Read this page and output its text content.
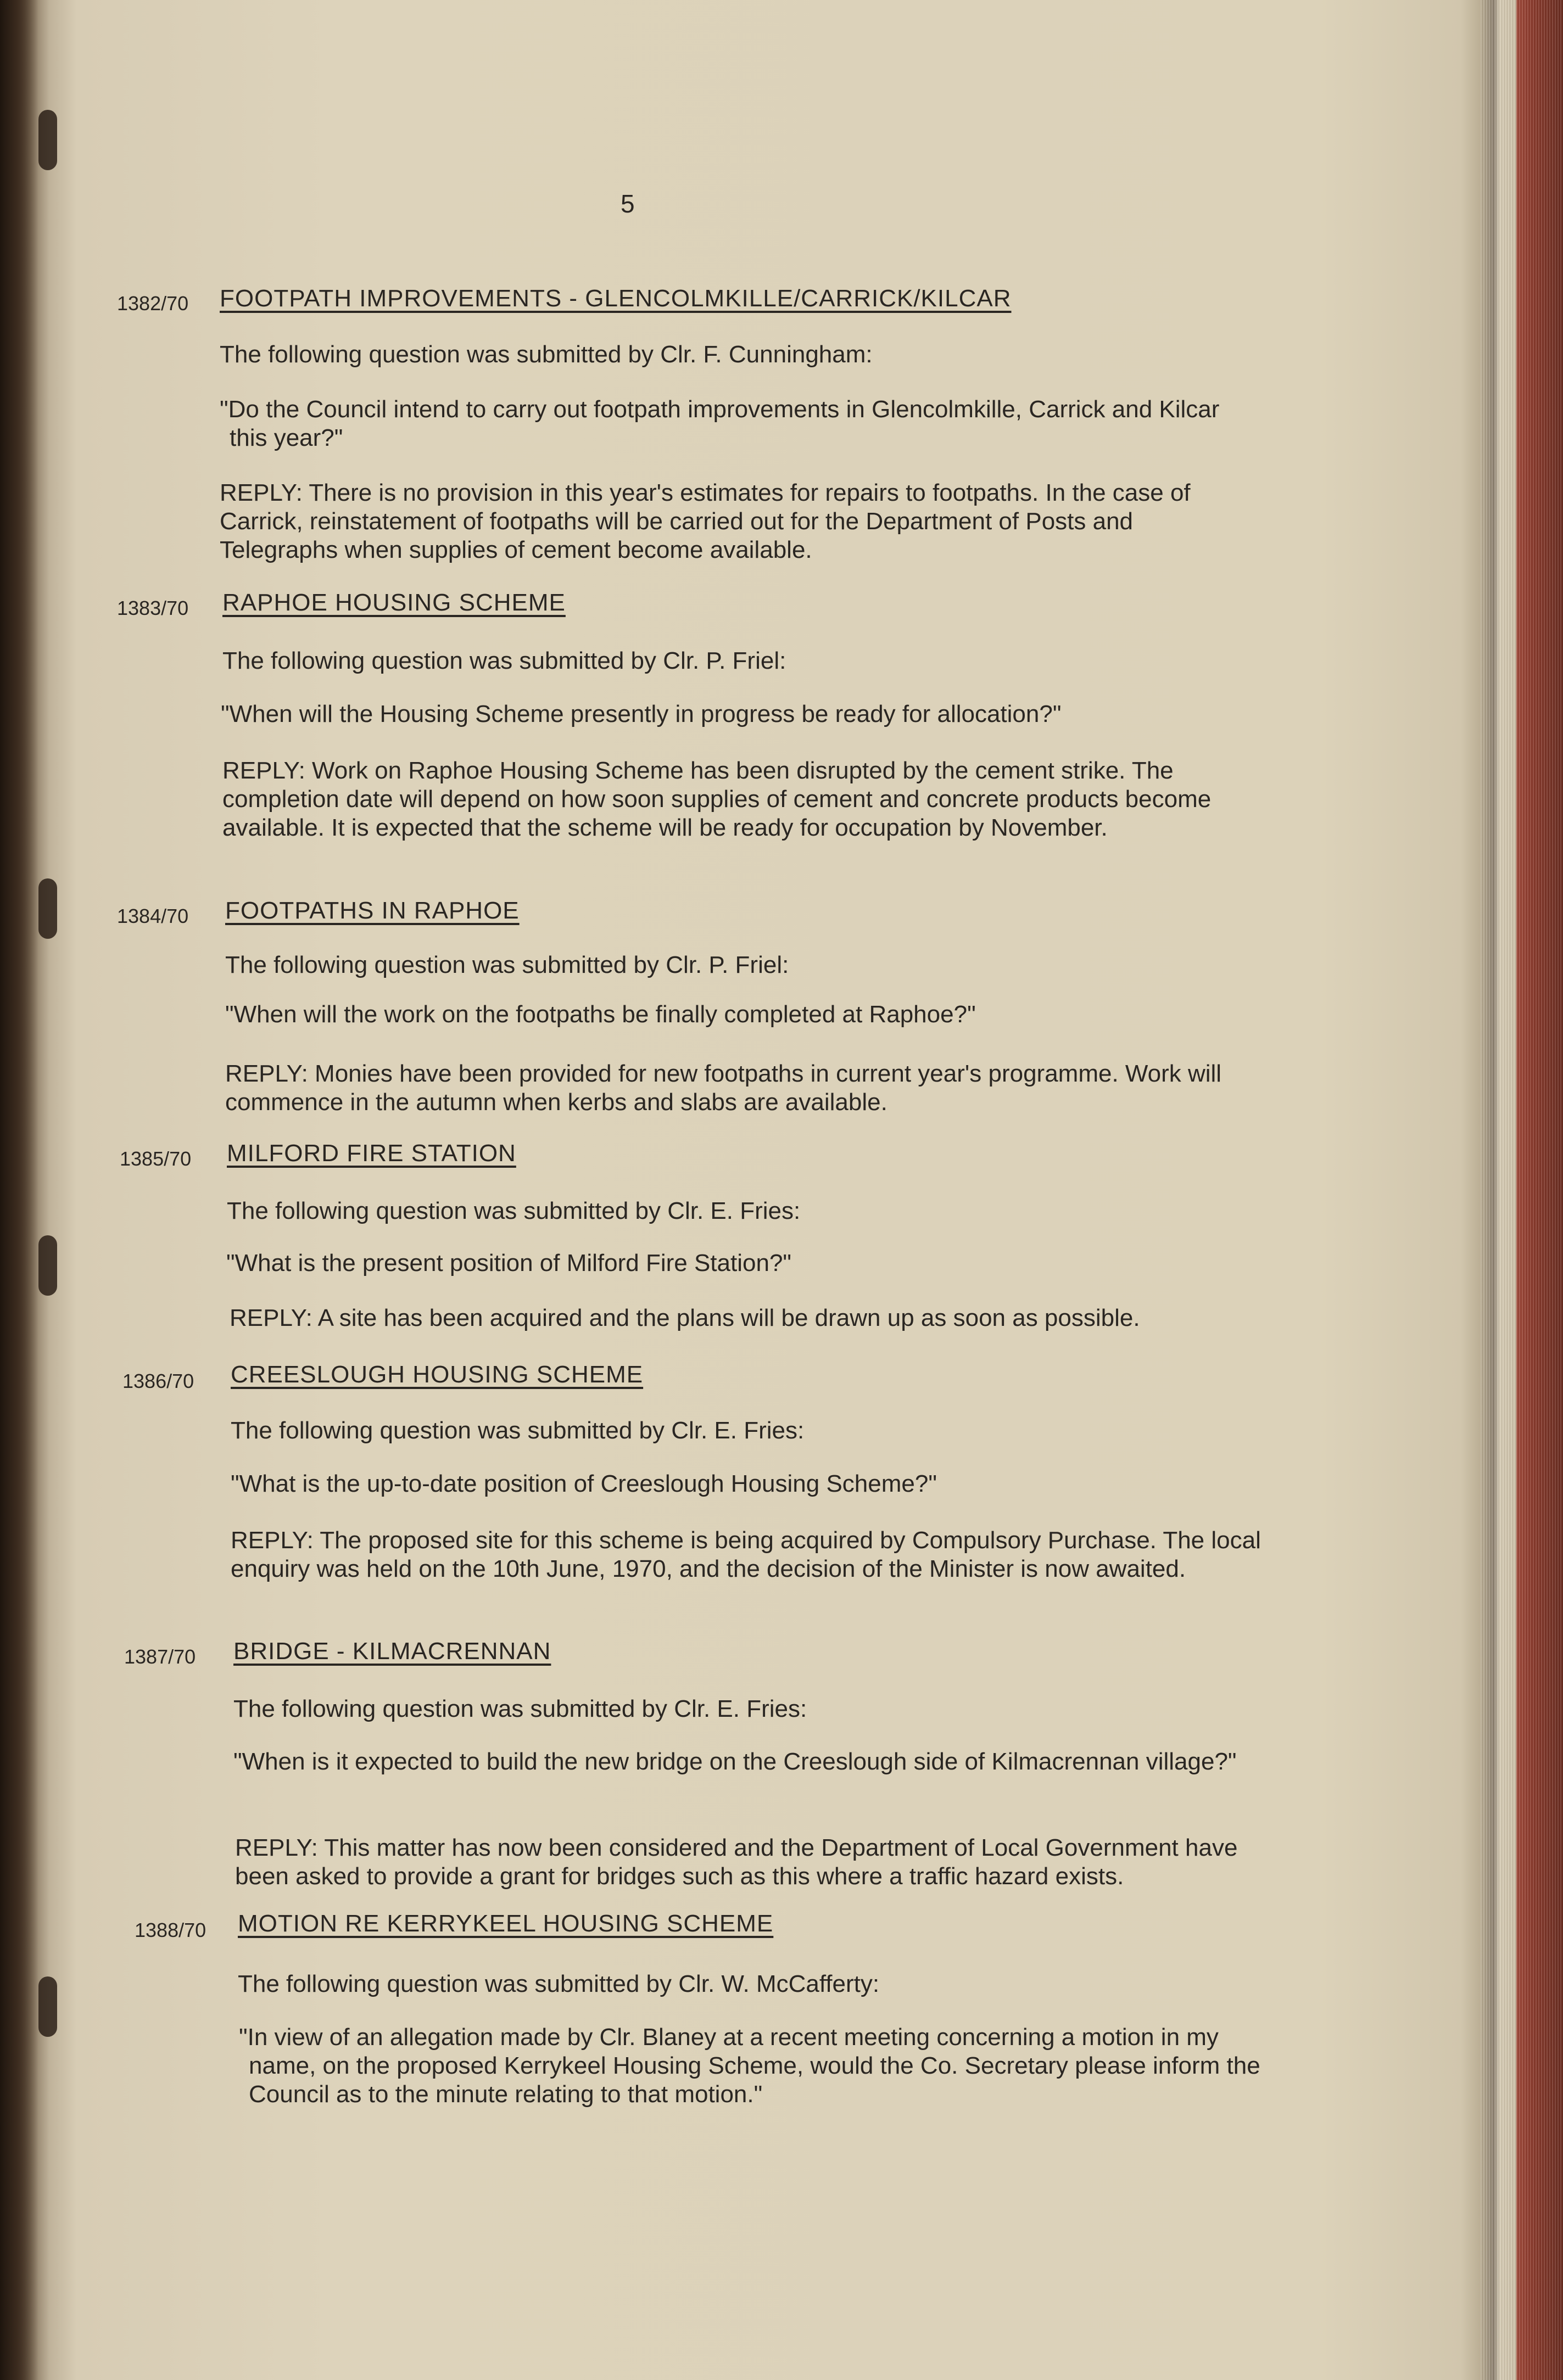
5
1382/70 FOOTPATH IMPROVEMENTS - GLENCOLMKILLE/CARRICK/KILCAR
The following question was submitted by Clr. F. Cunningham:
"Do the Council intend to carry out footpath improvements in Glencolmkille, Carrick and Kilcar this year?"
REPLY: There is no provision in this year's estimates for repairs to footpaths. In the case of Carrick, reinstatement of footpaths will be carried out for the Department of Posts and Telegraphs when supplies of cement become available.
1383/70 RAPHOE HOUSING SCHEME
The following question was submitted by Clr. P. Friel:
"When will the Housing Scheme presently in progress be ready for allocation?"
REPLY: Work on Raphoe Housing Scheme has been disrupted by the cement strike. The completion date will depend on how soon supplies of cement and concrete products become available. It is expected that the scheme will be ready for occupation by November.
1384/70 FOOTPATHS IN RAPHOE
The following question was submitted by Clr. P. Friel:
"When will the work on the footpaths be finally completed at Raphoe?"
REPLY: Monies have been provided for new footpaths in current year's programme. Work will commence in the autumn when kerbs and slabs are available.
1385/70 MILFORD FIRE STATION
The following question was submitted by Clr. E. Fries:
"What is the present position of Milford Fire Station?"
REPLY: A site has been acquired and the plans will be drawn up as soon as possible.
1386/70 CREESLOUGH HOUSING SCHEME
The following question was submitted by Clr. E. Fries:
"What is the up-to-date position of Creeslough Housing Scheme?"
REPLY: The proposed site for this scheme is being acquired by Compulsory Purchase. The local enquiry was held on the 10th June, 1970, and the decision of the Minister is now awaited.
1387/70 BRIDGE - KILMACRENNAN
The following question was submitted by Clr. E. Fries:
"When is it expected to build the new bridge on the Creeslough side of Kilmacrennan village?"
REPLY: This matter has now been considered and the Department of Local Government have been asked to provide a grant for bridges such as this where a traffic hazard exists.
1388/70 MOTION RE KERRYKEEL HOUSING SCHEME
The following question was submitted by Clr. W. McCafferty:
"In view of an allegation made by Clr. Blaney at a recent meeting concerning a motion in my name, on the proposed Kerrykeel Housing Scheme, would the Co. Secretary please inform the Council as to the minute relating to that motion."
